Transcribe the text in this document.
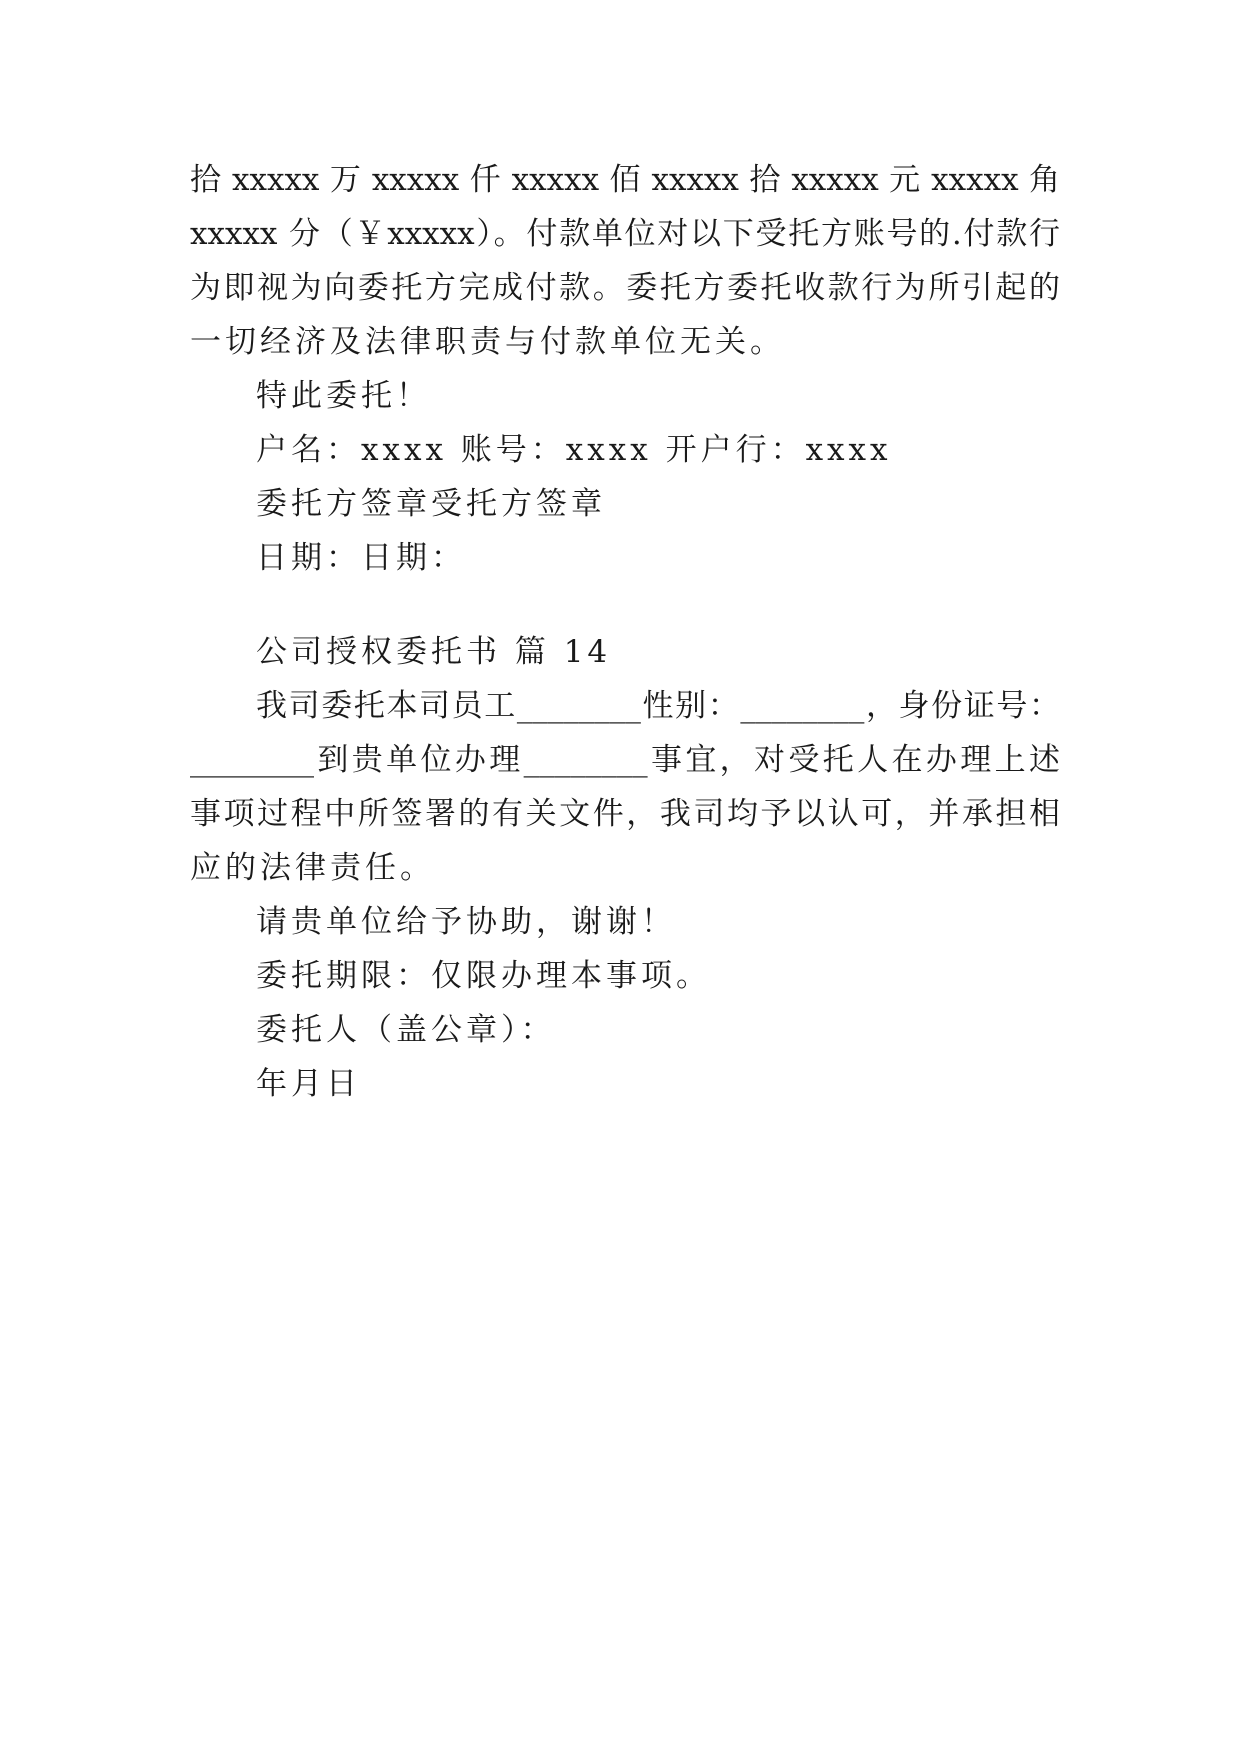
拾 xxxxx 万 xxxxx 仟 xxxxx 佰 xxxxx 拾 xxxxx 元 xxxxx 角
xxxxx 分（￥xxxxx）。付款单位对以下受托方账号的.付款行
为即视为向委托方完成付款。委托方委托收款行为所引起的
一切经济及法律职责与付款单位无关。
特此委托！
户名：xxxx 账号：xxxx 开户行：xxxx
委托方签章受托方签章
日期：日期：
公司授权委托书 篇 14
我司委托本司员工________性别：________，身份证号：
________到贵单位办理________事宜，对受托人在办理上述
事项过程中所签署的有关文件，我司均予以认可，并承担相
应的法律责任。
请贵单位给予协助，谢谢！
委托期限：仅限办理本事项。
委托人（盖公章）：
年月日
